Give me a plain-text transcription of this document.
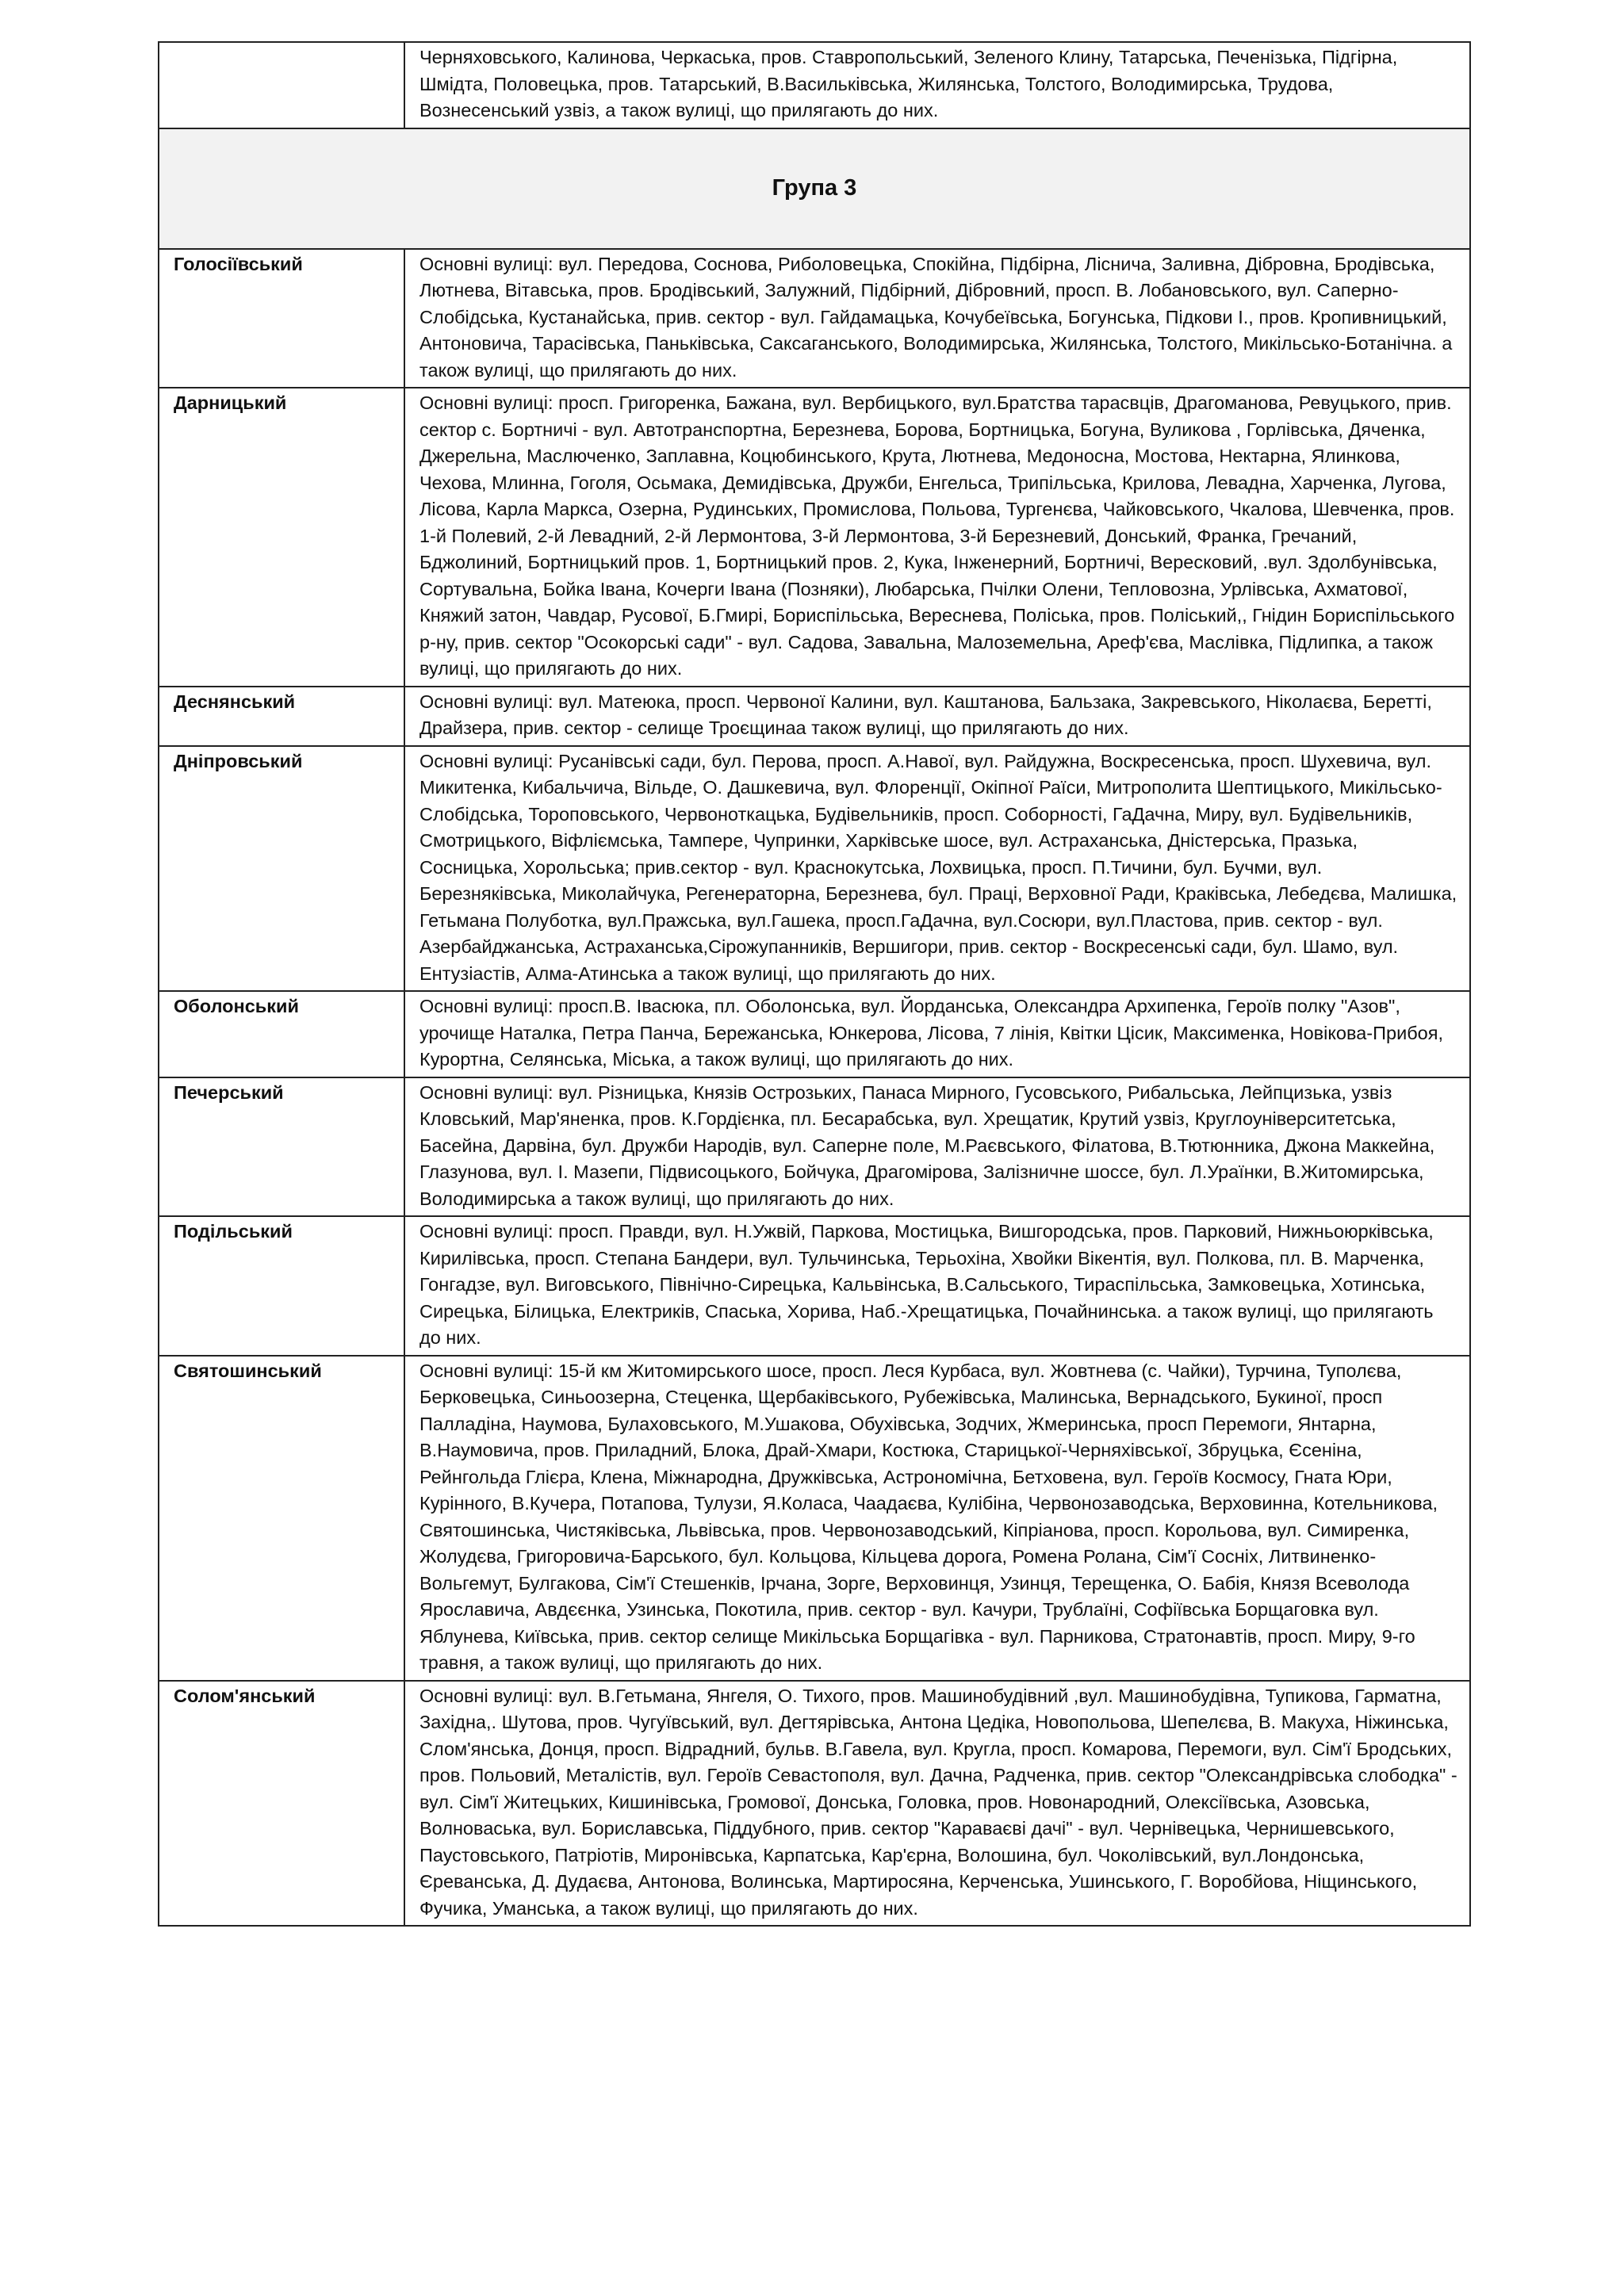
	Черняховського, Калинова, Черкаська, пров. Ставропольський, Зеленого Клину, Татарська, Печенізька, Підгірна, Шмідта, Половецька, пров. Татарський, В.Васильківська, Жилянська, Толстого, Володимирська, Трудова, Вознесенський узвіз, а також вулиці, що прилягають до них.
Група 3	
Голосіївський	Основні вулиці: вул. Передова, Соснова, Риболовецька, Спокійна, Підбірна, Ліснича, Заливна, Дібровна, Бродівська, Лютнева, Вітавська, пров. Бродівський, Залужний, Підбірний, Дібровний, просп. В. Лобановського, вул. Саперно-Слобідська, Кустанайська, прив. сектор - вул. Гайдамацька, Кочубеївська, Богунська, Підкови І., пров. Кропивницький, Антоновича, Тарасівська, Паньківська, Саксаганського, Володимирська, Жилянська, Толстого, Микільсько-Ботанічна. а також вулиці, що прилягають до них.
Дарницький	Основні вулиці: просп. Григоренка, Бажана, вул. Вербицького, вул.Братства тарасвців, Драгоманова, Ревуцького, прив. сектор с. Бортничі - вул. Автотранспортна, Березнева, Борова, Бортницька, Богуна, Вуликова , Горлівська, Дяченка, Джерельна, Маслюченко, Заплавна, Коцюбинського, Крута, Лютнева, Медоносна, Мостова, Нектарна, Ялинкова, Чехова, Млинна, Гоголя, Осьмака, Демидівська, Дружби, Енгельса, Трипільська, Крилова, Левадна, Харченка, Лугова, Лісова, Карла Маркса, Озерна, Рудинських, Промислова, Польова, Тургенєва, Чайковського, Чкалова, Шевченка, пров. 1-й Полевий, 2-й Левадний, 2-й Лермонтова, 3-й Лермонтова, 3-й Березневий, Донський, Франка, Гречаний, Бджолиний, Бортницький пров. 1, Бортницький пров. 2, Кука, Інженерний, Бортничі, Вересковий, .вул. Здолбунівська, Сортувальна, Бойка Івана, Кочерги Івана (Позняки), Любарська, Пчілки Олени, Тепловозна, Урлівська, Ахматової, Княжий затон, Чавдар, Русової, Б.Гмирі, Бориспільська, Вереснева, Поліська, пров. Поліський,, Гнідин Бориспільського р-ну, прив. сектор "Осокорські сади" - вул. Садова, Завальна, Малоземельна, Ареф'єва, Маслівка, Підлипка, а також вулиці, що прилягають до них.
Деснянський	Основні вулиці: вул. Матеюка, просп. Червоної Калини, вул. Каштанова, Бальзака, Закревського, Ніколаєва, Беретті, Драйзера, прив. сектор - селище Троєщинаа також вулиці, що прилягають до них.
Дніпровський	Основні вулиці: Русанівські сади, бул. Перова, просп. А.Навої, вул. Райдужна, Воскресенська, просп. Шухевича, вул. Микитенка, Кибальчича, Вільде, О. Дашкевича, вул. Флоренції, Окіпної Раїси, Митрополита Шептицького, Микільсько-Слобідська, Тороповського, Червоноткацька, Будівельників, просп. Соборності, ГаДачна, Миру, вул. Будівельників, Смотрицького, Віфліємська, Тампере, Чупринки, Харківське шосе, вул. Астраханська, Дністерська, Празька, Сосницька, Хорольська; прив.сектор - вул. Краснокутська, Лохвицька, просп. П.Тичини, бул. Бучми, вул. Березняківська, Миколайчука, Регенераторна, Березнева, бул. Праці, Верховної Ради, Краківська, Лебедєва, Малишка, Гетьмана Полуботка, вул.Пражська, вул.Гашека, просп.ГаДачна, вул.Сосюри, вул.Пластова, прив. сектор - вул. Азербайджанська, Астраханська,Сірожупанників, Вершигори, прив. сектор - Воскресенські сади, бул. Шамо, вул. Ентузіастів, Алма-Атинська а також вулиці, що прилягають до них.
Оболонський	Основні вулиці: просп.В. Івасюка, пл. Оболонська, вул. Йорданська, Олександра Архипенка, Героїв полку "Азов", урочище Наталка, Петра Панча, Бережанська, Юнкерова, Лісова, 7 лінія, Квітки Цісик, Максименка, Новікова-Прибоя, Курортна, Селянська, Міська, а також вулиці, що прилягають до них.
Печерський	Основні вулиці: вул. Різницька, Князів Острозьких, Панаса Мирного, Гусовського, Рибальська, Лейпцизька, узвіз Кловський, Мар'яненка, пров. К.Гордієнка, пл. Бесарабська, вул. Хрещатик, Крутий узвіз, Круглоуніверситетська, Басейна, Дарвіна, бул. Дружби Народів, вул. Саперне поле, М.Раєвського, Філатова, В.Тютюнника, Джона Маккейна, Глазунова, вул. І. Мазепи, Підвисоцького, Бойчука, Драгомірова, Залізничне шоссе, бул. Л.Ураїнки, В.Житомирська, Володимирська а також вулиці, що прилягають до них.
Подільський	Основні вулиці: просп. Правди, вул. Н.Ужвій, Паркова, Мостицька, Вишгородська, пров. Парковий, Нижньоюрківська, Кирилівська, просп. Степана Бандери, вул. Тульчинська, Терьохіна, Хвойки Вікентія, вул. Полкова, пл. В. Марченка, Гонгадзе, вул. Виговського, Північно-Сирецька, Кальвінська, В.Сальського, Тираспільська, Замковецька, Хотинська, Сирецька, Білицька, Електриків, Спаська, Хорива, Наб.-Хрещатицька, Почайнинська. а також вулиці, що прилягають до них.
Святошинський	Основні вулиці: 15-й км Житомирського шосе, просп. Леся Курбаса, вул. Жовтнева (с. Чайки), Турчина, Туполєва, Берковецька, Синьоозерна, Стеценка, Щербаківського, Рубежівська, Малинська, Вернадського, Букиної, просп Палладіна, Наумова, Булаховського, М.Ушакова, Обухівська, Зодчих, Жмеринська, просп Перемоги, Янтарна, В.Наумовича, пров. Приладний, Блока, Драй-Хмари, Костюка, Старицької-Черняхівської, Збруцька, Єсеніна, Рейнгольда Глієра, Клена, Міжнародна, Дружківська, Астрономічна, Бетховена, вул. Героїв Космосу, Гната Юри, Курінного, В.Кучера, Потапова, Тулузи, Я.Коласа, Чаадаєва, Кулібіна, Червонозаводська, Верховинна, Котельникова, Святошинська, Чистяківська, Львівська, пров. Червонозаводський, Кіпріанова, просп. Корольова, вул. Симиренка, Жолудєва, Григоровича-Барського, бул. Кольцова, Кільцева дорога, Ромена Ролана, Сім'ї Сосніх, Литвиненко-Вольгемут, Булгакова, Сім'ї Стешенків, Ірчана, Зорге, Верховинця, Узинця, Терещенка, О. Бабія, Князя Всеволода Ярославича, Авдєєнка, Узинська, Покотила, прив. сектор - вул. Качури, Трублаїні, Софіївська Борщаговка вул. Яблунева, Київська, прив. сектор селище Микільська Борщагівка - вул. Парникова, Стратонавтів, просп. Миру, 9-го травня, а також вулиці, що прилягають до них.
Солом'янський	Основні вулиці: вул. В.Гетьмана, Янгеля, О. Тихого, пров. Машинобудівний ,вул. Машинобудівна, Тупикова, Гарматна, Західна,. Шутова, пров. Чугуївський, вул. Дегтярівська, Антона Цедіка, Новопольова, Шепелєва, В. Макуха, Ніжинська, Слом'янська, Донця, просп. Відрадний, бульв. В.Гавела, вул. Кругла, просп. Комарова, Перемоги, вул. Сім'ї Бродських, пров. Польовий, Металістів, вул. Героїв Севастополя, вул. Дачна, Радченка, прив. сектор "Олександрівська слободка" - вул. Сім'ї Житецьких, Кишинівська, Громової, Донська, Головка, пров. Новонародний, Олексіївська, Азовська, Волноваська, вул. Бориславська, Піддубного, прив. сектор "Караваєві дачі" - вул. Чернівецька, Чернишевського, Паустовського, Патріотів, Миронівська, Карпатська, Кар'єрна, Волошина, бул. Чоколівський, вул.Лондонська, Єреванська, Д. Дудаєва, Антонова, Волинська, Мартиросяна, Керченська, Ушинського, Г. Воробйова, Ніщинського, Фучика, Уманська, а також вулиці, що прилягають до них.
